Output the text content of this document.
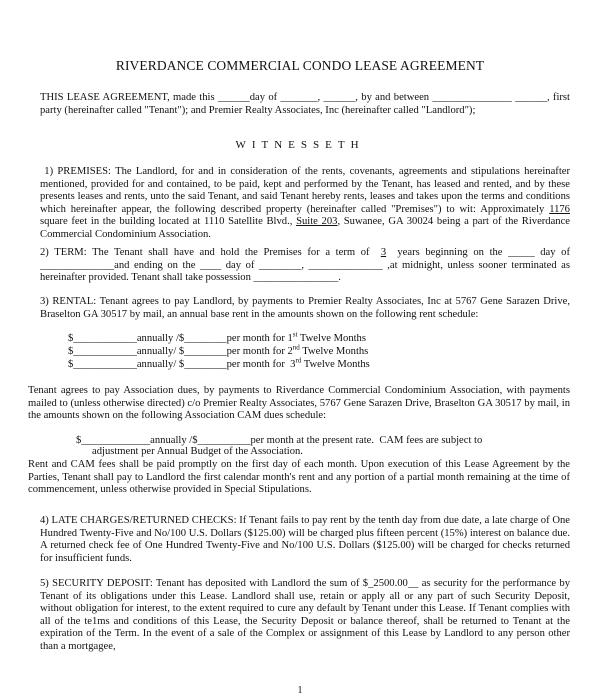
RIVERDANCE COMMERCIAL CONDO LEASE AGREEMENT

THIS LEASE AGREEMENT, made this ______day of _______, ______, by and between _______________ ______, first party (hereinafter called "Tenant"); and Premier Realty Associates, Inc (hereinafter called "Landlord");

WITNESSETH

1) PREMISES: The Landlord, for and in consideration of the rents, covenants, agreements and stipulations hereinafter mentioned, provided for and contained, to be paid, kept and performed by the Tenant, has leased and rented, and by these presents leases and rents, unto the said Tenant, and said Tenant hereby rents, leases and takes upon the terms and conditions which hereinafter appear, the following described property (hereinafter called "Premises") to wit: Approximately 1176 square feet in the building located at 1110 Satellite Blvd., Suite 203, Suwanee, GA 30024 being a part of the Riverdance Commercial Condominium Association.

2) TERM: The Tenant shall have and hold the Premises for a term of 3 years beginning on the _____ day of ______________and ending on the ____ day of ________, ______________ ,at midnight, unless sooner terminated as hereinafter provided. Tenant shall take possession ________________.

3) RENTAL: Tenant agrees to pay Landlord, by payments to Premier Realty Associates, Inc at 5767 Gene Sarazen Drive, Braselton GA 30517 by mail, an annual base rent in the amounts shown on the following rent schedule:

$____________annually /$________per month for 1st Twelve Months
$____________annually/ $________per month for 2nd Twelve Months
$____________annually/ $________per month for  3rd Twelve Months

Tenant agrees to pay Association dues, by payments to Riverdance Commercial Condominium Association, with payments mailed to (unless otherwise directed) c/o Premier Realty Associates, 5767 Gene Sarazen Drive, Braselton GA 30517 by mail, in the amounts shown on the following Association CAM dues schedule:

$_____________annually /$__________per month at the present rate.  CAM fees are subject to
adjustment per Annual Budget of the Association.

Rent and CAM fees shall be paid promptly on the first day of each month. Upon execution of this Lease Agreement by the Parties, Tenant shall pay to Landlord the first calendar month's rent and any portion of a partial month remaining at the time of commencement, unless otherwise provided in Special Stipulations.

4) LATE CHARGES/RETURNED CHECKS: If Tenant fails to pay rent by the tenth day from due date, a late charge of One Hundred Twenty-Five and No/100 U.S. Dollars ($125.00) will be charged plus fifteen percent (15%) interest on balance due. A returned check fee of One Hundred Twenty-Five and No/100 U.S. Dollars ($125.00) will be charged for checks returned for insufficient funds.

5) SECURITY DEPOSIT: Tenant has deposited with Landlord the sum of $_2500.00__ as security for the performance by Tenant of its obligations under this Lease. Landlord shall use, retain or apply all or any part of such Security Deposit, without obligation for interest, to the extent required to cure any default by Tenant under this Lease. If Tenant complies with all of the te1ms and conditions of this Lease, the Security Deposit or balance thereof, shall be returned to Tenant at the expiration of the Term. In the event of a sale of the Complex or assignment of this Lease by Landlord to any person other than a mortgagee,

1
